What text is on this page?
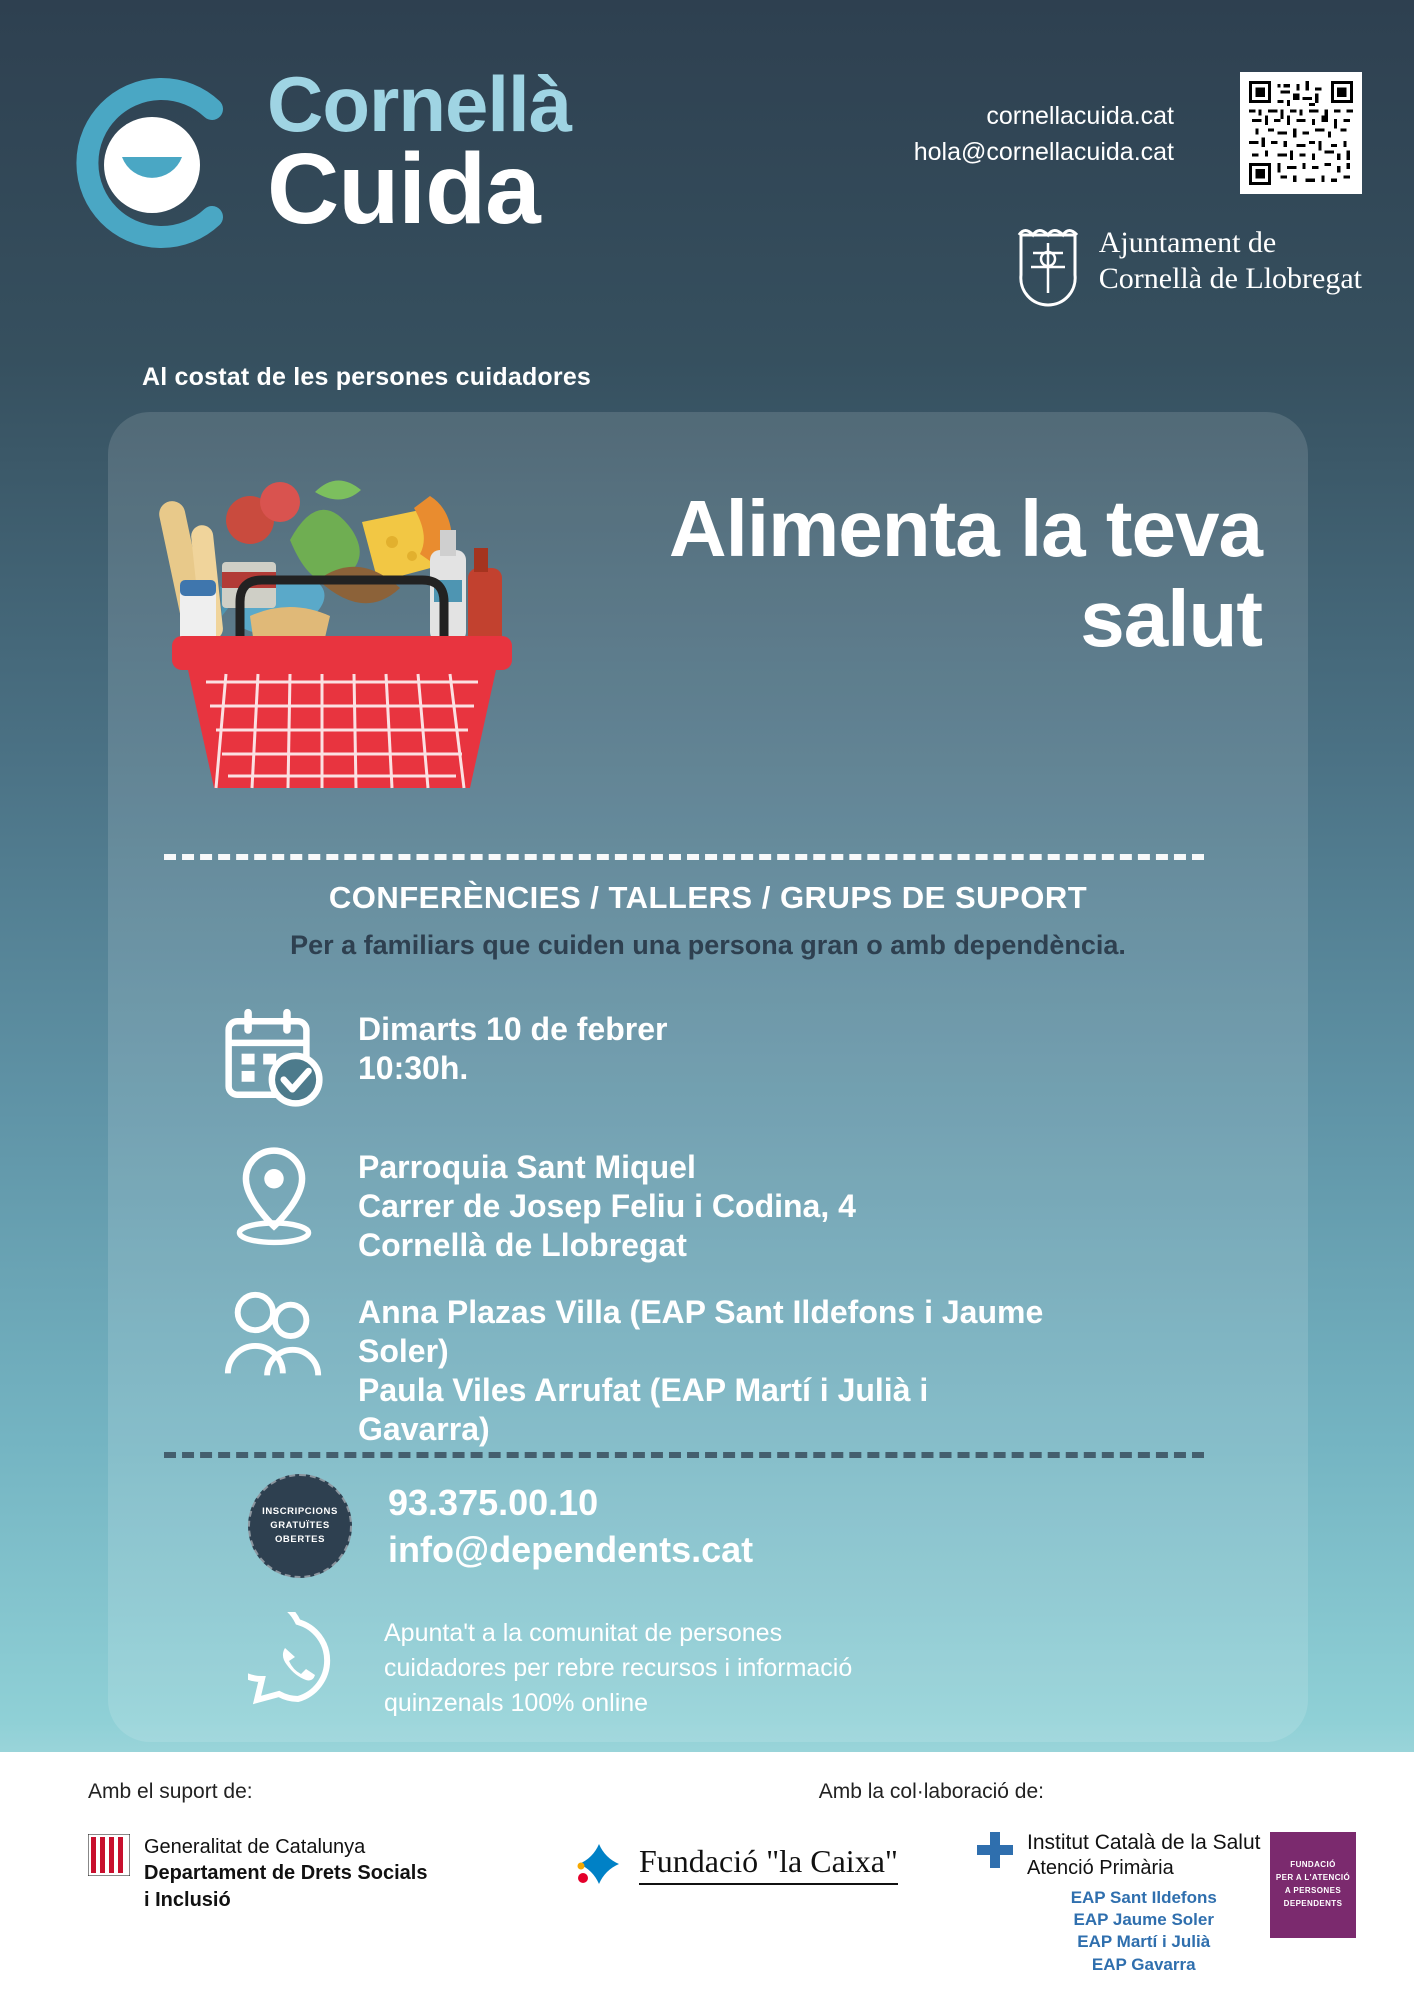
Cornellà
Cuida
Al costat de les persones cuidadores
cornellacuida.cat
hola@cornellacuida.cat
Ajuntament de
Cornellà de Llobregat
Alimenta la teva salut
CONFERÈNCIES / TALLERS / GRUPS DE SUPORT
Per a familiars que cuiden una persona gran o amb dependència.
Dimarts 10 de febrer
10:30h.
Parroquia Sant Miquel
Carrer de Josep Feliu i Codina, 4
Cornellà de Llobregat
Anna Plazas Villa (EAP Sant Ildefons i Jaume Soler)
Paula Viles Arrufat (EAP Martí i Julià i Gavarra)
INSCRIPCIONS
GRATUÏTES
OBERTES
93.375.00.10
info@dependents.cat
Apunta't a la comunitat de persones cuidadores per rebre recursos i informació quinzenals 100% online
Amb el suport de:	Amb la col·laboració de:
Generalitat de Catalunya
Departament de Drets Socials
i Inclusió
Fundació "la Caixa"
Institut Català de la Salut
Atenció Primària
EAP Sant Ildefons
EAP Jaume Soler
EAP Martí i Julià
EAP Gavarra
FUNDACIÓ
PER A L'ATENCIÓ
A PERSONES
DEPENDENTS
